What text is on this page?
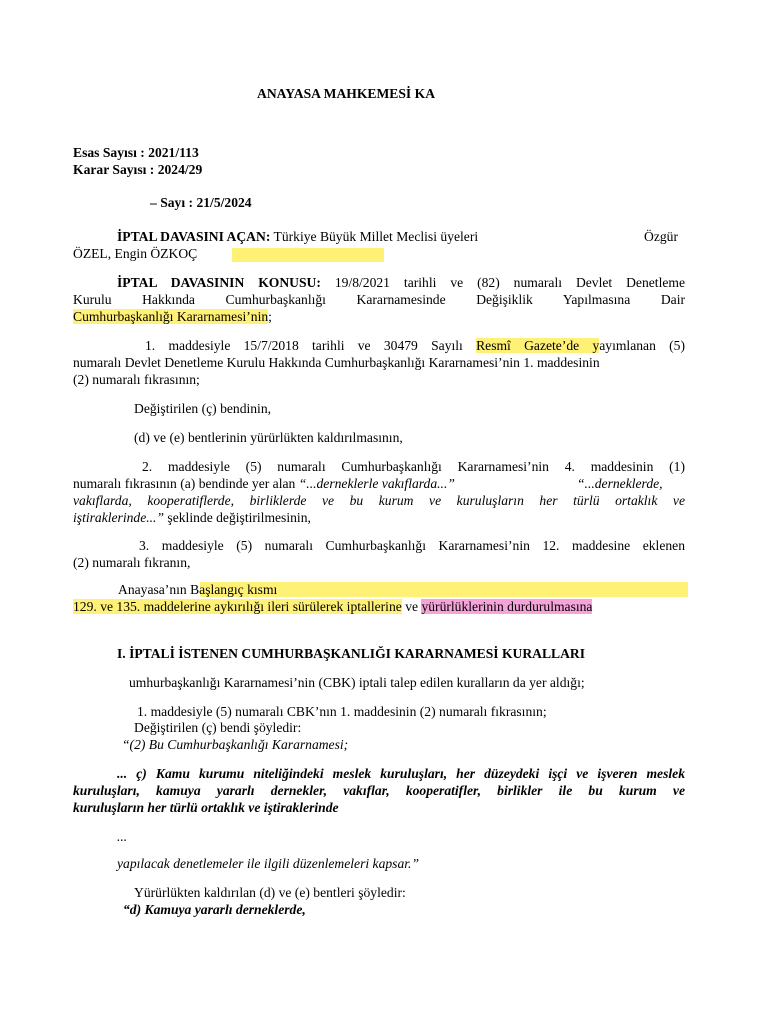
ANAYASA MAHKEMESİ KA
Esas Sayısı : 2021/113
Karar Sayısı : 2024/29
– Sayı : 21/5/2024
İPTAL DAVASINI AÇAN: Türkiye Büyük Millet Meclisi üyeleri	Özgür
ÖZEL, Engin ÖZKOÇ
İPTAL DAVASININ KONUSU: 19/8/2021 tarihli ve (82) numaralı Devlet Denetleme
Kurulu Hakkında Cumhurbaşkanlığı Kararnamesinde Değişiklik Yapılmasına Dair
Cumhurbaşkanlığı Kararnamesi’nin;
1. maddesiyle 15/7/2018 tarihli ve 30479 Sayılı Resmî Gazete’de yayımlanan (5)
numaralı Devlet Denetleme Kurulu Hakkında Cumhurbaşkanlığı Kararnamesi’nin 1. maddesinin
(2) numaralı fıkrasının;
Değiştirilen (ç) bendinin,
(d) ve (e) bentlerinin yürürlükten kaldırılmasının,
2. maddesiyle (5) numaralı Cumhurbaşkanlığı Kararnamesi’nin 4. maddesinin (1)
numaralı fıkrasının (a) bendinde yer alan “...derneklerle vakıflarda...”	“...derneklerde,
vakıflarda, kooperatiflerde, birliklerde ve bu kurum ve kuruluşların her türlü ortaklık ve
iştiraklerinde...” şeklinde değiştirilmesinin,
3. maddesiyle (5) numaralı Cumhurbaşkanlığı Kararnamesi’nin 12. maddesine eklenen
(2) numaralı fıkranın,
Anayasa’nın Başlangıç kısmı
129. ve 135. maddelerine aykırılığı ileri sürülerek iptallerine ve yürürlüklerinin durdurulmasına
I. İPTALİ İSTENEN CUMHURBAŞKANLIĞI KARARNAMESİ KURALLARI
umhurbaşkanlığı Kararnamesi’nin (CBK) iptali talep edilen kuralların da yer aldığı;
1. maddesiyle (5) numaralı CBK’nın 1. maddesinin (2) numaralı fıkrasının;
Değiştirilen (ç) bendi şöyledir:
“(2) Bu Cumhurbaşkanlığı Kararnamesi;
... ç) Kamu kurumu niteliğindeki meslek kuruluşları, her düzeydeki işçi ve işveren meslek
kuruluşları, kamuya yararlı dernekler, vakıflar, kooperatifler, birlikler ile bu kurum ve
kuruluşların her türlü ortaklık ve iştiraklerinde
...
yapılacak denetlemeler ile ilgili düzenlemeleri kapsar.”
Yürürlükten kaldırılan (d) ve (e) bentleri şöyledir:
“d) Kamuya yararlı derneklerde,
